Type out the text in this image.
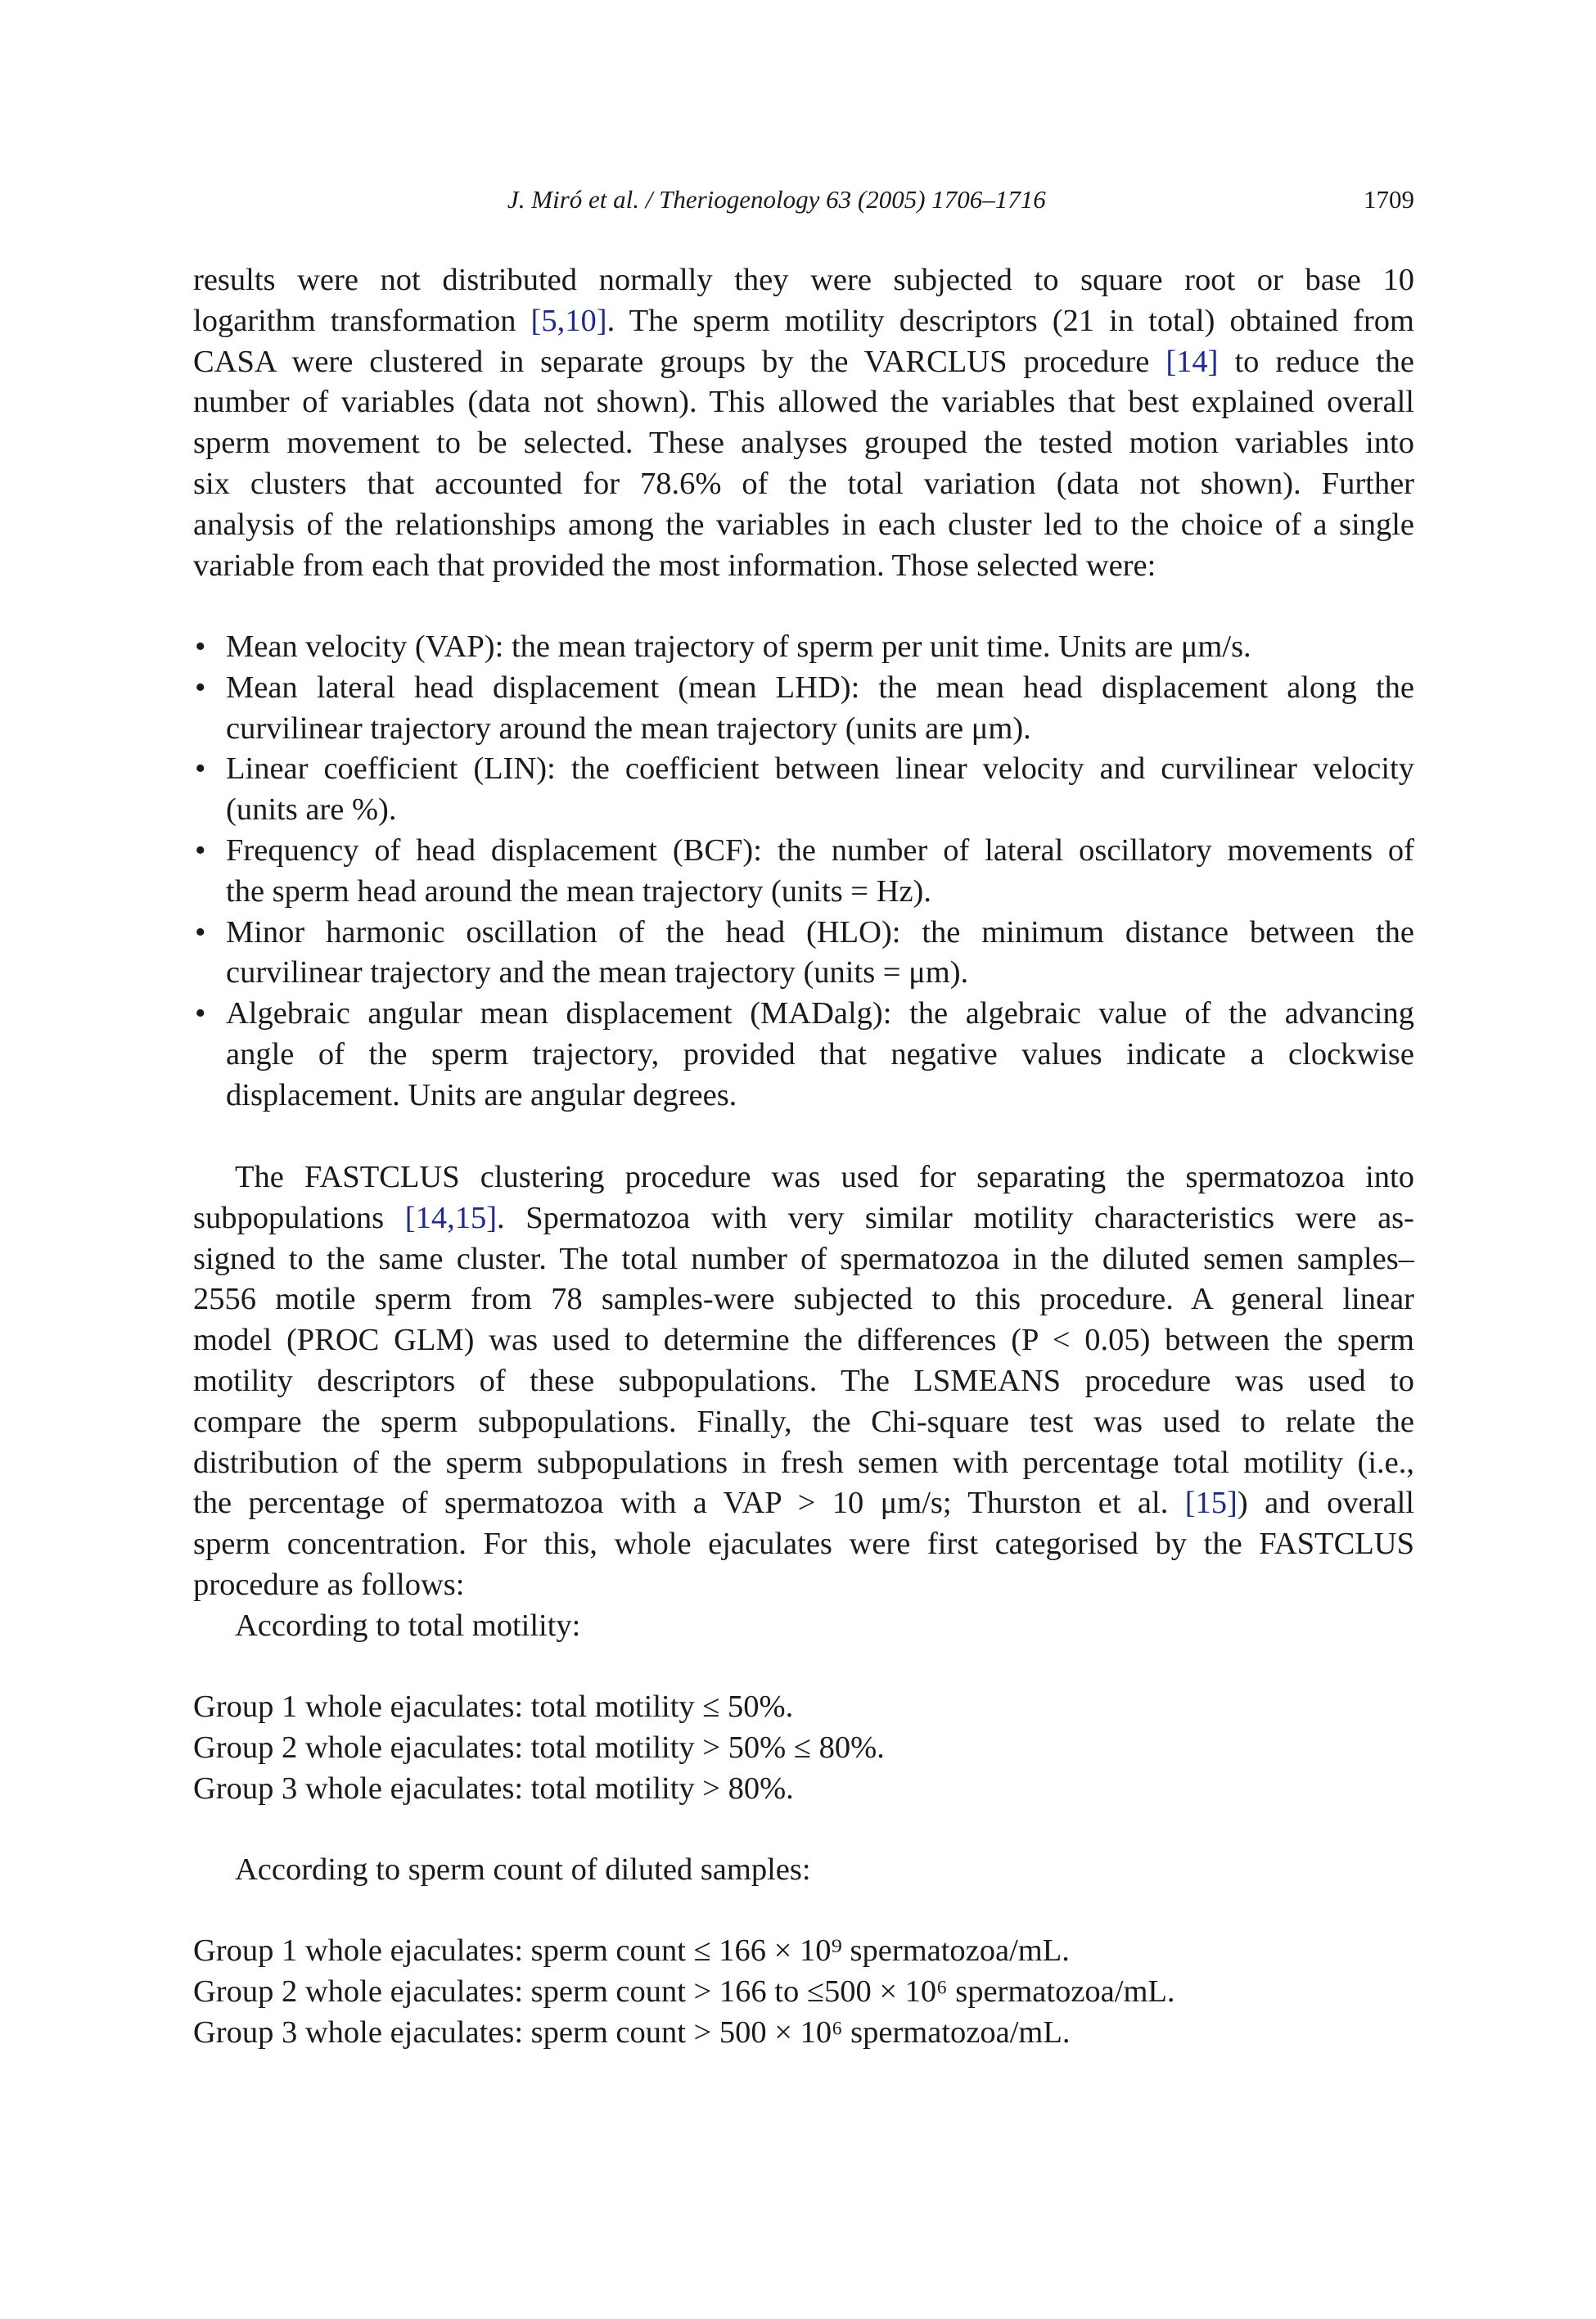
J. Miró et al. / Theriogenology 63 (2005) 1706–1716	1709
results were not distributed normally they were subjected to square root or base 10
logarithm transformation [5,10]. The sperm motility descriptors (21 in total) obtained from
CASA were clustered in separate groups by the VARCLUS procedure [14] to reduce the
number of variables (data not shown). This allowed the variables that best explained overall
sperm movement to be selected. These analyses grouped the tested motion variables into
six clusters that accounted for 78.6% of the total variation (data not shown). Further
analysis of the relationships among the variables in each cluster led to the choice of a single
variable from each that provided the most information. Those selected were:
• Mean velocity (VAP): the mean trajectory of sperm per unit time. Units are μm/s.
• Mean lateral head displacement (mean LHD): the mean head displacement along the
curvilinear trajectory around the mean trajectory (units are μm).
• Linear coefficient (LIN): the coefficient between linear velocity and curvilinear velocity
(units are %).
• Frequency of head displacement (BCF): the number of lateral oscillatory movements of
the sperm head around the mean trajectory (units = Hz).
• Minor harmonic oscillation of the head (HLO): the minimum distance between the
curvilinear trajectory and the mean trajectory (units = μm).
• Algebraic angular mean displacement (MADalg): the algebraic value of the advancing
angle of the sperm trajectory, provided that negative values indicate a clockwise
displacement. Units are angular degrees.
The FASTCLUS clustering procedure was used for separating the spermatozoa into
subpopulations [14,15]. Spermatozoa with very similar motility characteristics were as-
signed to the same cluster. The total number of spermatozoa in the diluted semen samples–
2556 motile sperm from 78 samples-were subjected to this procedure. A general linear
model (PROC GLM) was used to determine the differences (P < 0.05) between the sperm
motility descriptors of these subpopulations. The LSMEANS procedure was used to
compare the sperm subpopulations. Finally, the Chi-square test was used to relate the
distribution of the sperm subpopulations in fresh semen with percentage total motility (i.e.,
the percentage of spermatozoa with a VAP > 10 μm/s; Thurston et al. [15]) and overall
sperm concentration. For this, whole ejaculates were first categorised by the FASTCLUS
procedure as follows:
According to total motility:
Group 1 whole ejaculates: total motility ≤ 50%.
Group 2 whole ejaculates: total motility > 50% ≤ 80%.
Group 3 whole ejaculates: total motility > 80%.
According to sperm count of diluted samples:
Group 1 whole ejaculates: sperm count ≤ 166 × 10⁹ spermatozoa/mL.
Group 2 whole ejaculates: sperm count > 166 to ≤500 × 10⁶ spermatozoa/mL.
Group 3 whole ejaculates: sperm count > 500 × 10⁶ spermatozoa/mL.
